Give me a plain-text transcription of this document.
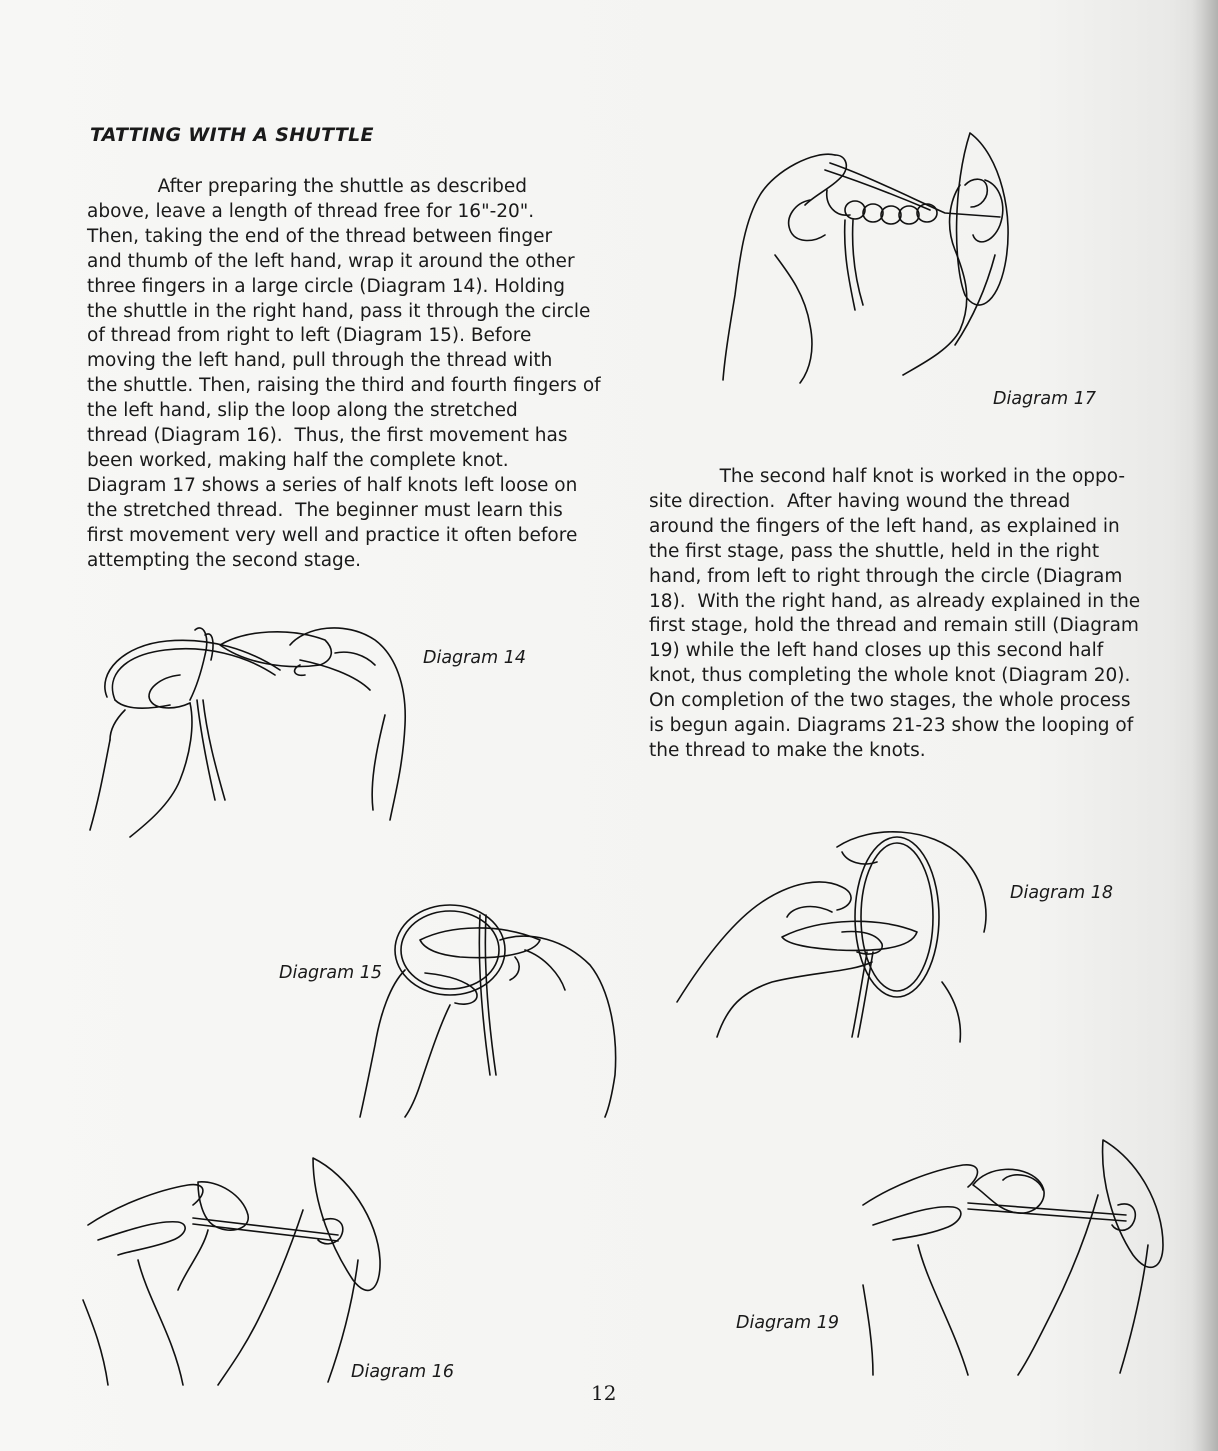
TATTING WITH A SHUTTLE
After preparing the shuttle as described
above, leave a length of thread free for 16"-20".
Then, taking the end of the thread between finger
and thumb of the left hand, wrap it around the other
three fingers in a large circle (Diagram 14). Holding
the shuttle in the right hand, pass it through the circle
of thread from right to left (Diagram 15). Before
moving the left hand, pull through the thread with
the shuttle. Then, raising the third and fourth fingers of
the left hand, slip the loop along the stretched
thread (Diagram 16).  Thus, the first movement has
been worked, making half the complete knot.
Diagram 17 shows a series of half knots left loose on
the stretched thread.  The beginner must learn this
first movement very well and practice it often before
attempting the second stage.
The second half knot is worked in the oppo-
site direction.  After having wound the thread
around the fingers of the left hand, as explained in
the first stage, pass the shuttle, held in the right
hand, from left to right through the circle (Diagram
18).  With the right hand, as already explained in the
first stage, hold the thread and remain still (Diagram
19) while the left hand closes up this second half
knot, thus completing the whole knot (Diagram 20).
On completion of the two stages, the whole process
is begun again. Diagrams 21-23 show the looping of
the thread to make the knots.

Diagram 17

Diagram 14

Diagram 15

Diagram 18

Diagram 16

Diagram 19

12
